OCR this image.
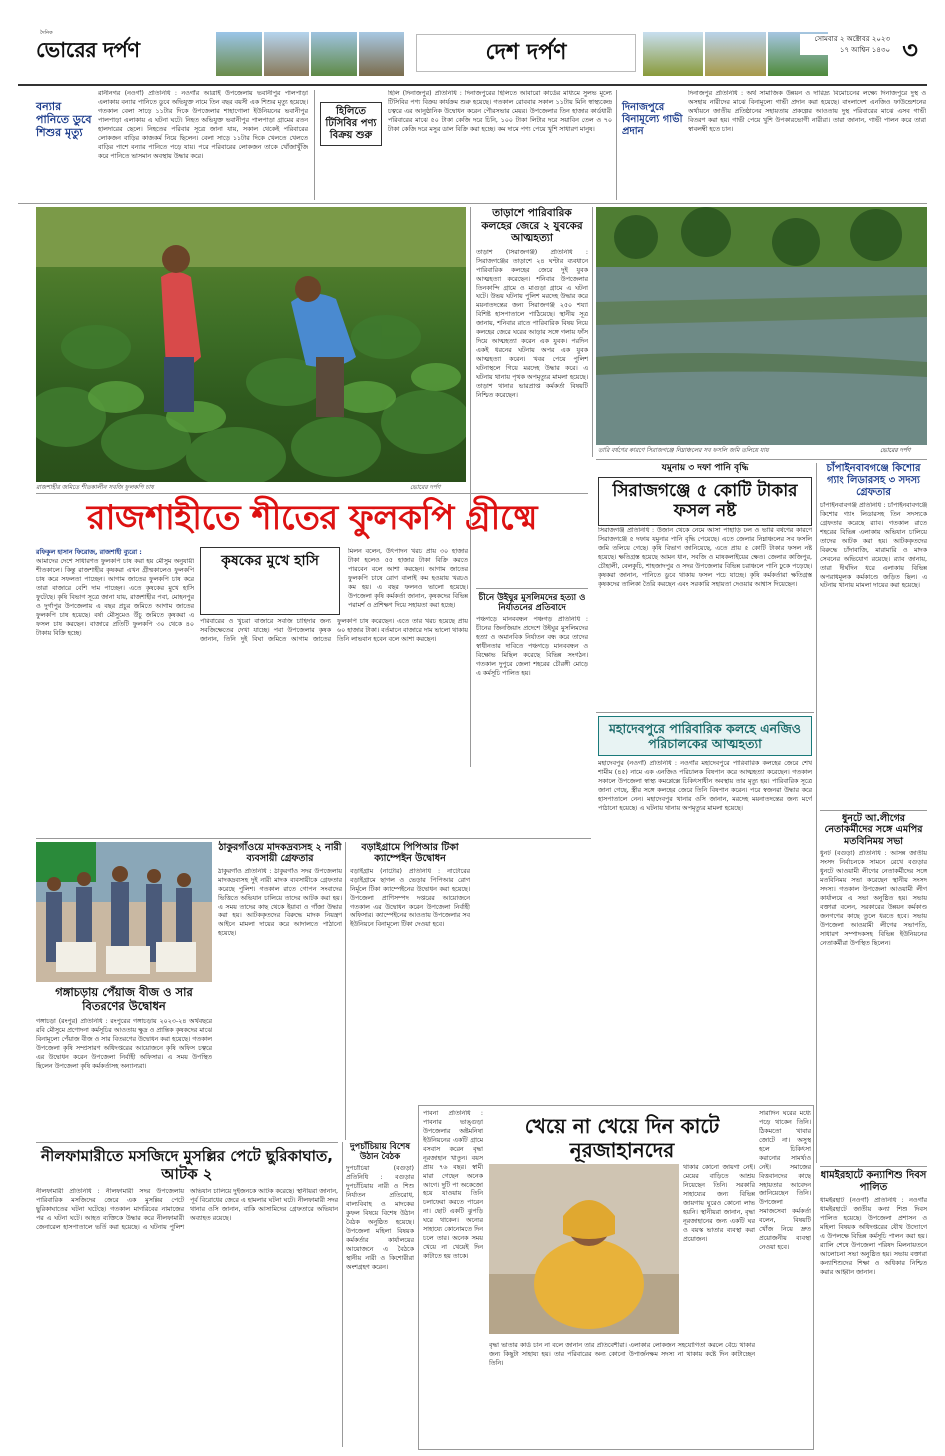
দৈনিক
ভোরের দর্পণ	দেশ দর্পণ
সোমবার ২ অক্টোবর ২০২৩
১৭ আশ্বিন ১৪৩০ ৩
বন্যার পানিতে ডুবে শিশুর মৃত্যু
রানীনগর (নওগাঁ) প্রতিনিধি : নওগাঁর আত্রাই উপজেলায় ভবানীপুর পালপাড়া এলাকায় বন্যার পানিতে ডুবে অভিযুক্ত নামে তিন বছর বয়সী এক শিশুর মৃত্যু হয়েছে। গতকাল বেলা সাড়ে ১১টার দিকে উপজেলার শাহাগোলা ইউনিয়নের ভবানীপুর পালপাড়া এলাকায় এ ঘটনা ঘটে। নিহত অভিযুক্ত ভবানীপুর পালপাড়া গ্রামের রতন হালদারের ছেলে। নিহতের পরিবার সূত্রে জানা যায়, সকাল থেকেই পরিবারের লোকজন বাড়ির কাজকর্ম নিয়ে ছিলেন। বেলা সাড়ে ১১টার দিকে খেলতে খেলতে বাড়ির পাশে বন্যার পানিতে পড়ে যায়। পরে পরিবারের লোকজন তাকে খোঁজাখুঁজি করে পানিতে ভাসমান অবস্থায় উদ্ধার করে।
হিলিতে টিসিবির পণ্য বিক্রয় শুরু
হিলি (দিনাজপুর) প্রতিনিধি : দিনাজপুরের হিলিতে আবারো কার্ডের মাধ্যমে সুলভ মূল্যে টিসিবির পণ্য বিক্রয় কার্যক্রম শুরু হয়েছে। গতকাল রোববার সকাল ১১টায় মিনি স্বাস্থ্যকেন্দ্র চত্বরে এর আনুষ্ঠানিক উদ্বোধন করেন পৌরসভার মেয়র। উপজেলার তিন হাজার কার্ডধারী পরিবারের মাঝে ৫০ টাকা কেজি দরে চিনি, ১০০ টাকা লিটার দরে সয়াবিন তেল ও ৭০ টাকা কেজি দরে মসুর ডাল বিক্রি করা হচ্ছে। কম দামে পণ্য পেয়ে খুশি সাধারণ মানুষ।
দিনাজপুরে বিনামূল্যে গাভী প্রদান
দিনাজপুর প্রতিনিধি : অর্থ সামাজিক উন্নয়ন ও দারিদ্র্য বিমোচনের লক্ষ্যে দিনাজপুরে দুস্থ ও অসহায় নারীদের মাঝে বিনামূল্যে গাভী প্রদান করা হয়েছে। বাংলাদেশ এনজিও ফাউন্ডেশনের অর্থায়নে জাতীয় প্রতিষ্ঠানের সহায়তায় প্রকল্পের আওতায় দুস্থ পরিবারের মাঝে এসব গাভী বিতরণ করা হয়। গাভী পেয়ে খুশি উপকারভোগী নারীরা। তারা জানান, গাভী পালন করে তারা স্বাবলম্বী হতে চান।
রাজশাহীর জমিতে শীতকালীন সবজি ফুলকপি চাষ	ভোরের দর্পণ
তাড়াশে পারিবারিক কলহের জেরে ২ যুবকের আত্মহত্যা
তাড়াশ (সিরাজগঞ্জ) প্রতিনিধি : সিরাজগঞ্জের তাড়াশে ২৪ ঘণ্টার ব্যবধানে পারিবারিক কলহের জেরে দুই যুবক আত্মহত্যা করেছেন। শনিবার উপজেলার তিনকান্দি গ্রামে ও মাগুড়া গ্রামে এ ঘটনা ঘটে। উভয় ঘটনায় পুলিশ মরদেহ উদ্ধার করে ময়নাতদন্তের জন্য সিরাজগঞ্জ ২৫০ শয্যা বিশিষ্ট হাসপাতালে পাঠিয়েছে। স্থানীয় সূত্র জানায়, শনিবার রাতে পারিবারিক বিষয় নিয়ে কলহের জেরে ঘরের আড়ার সঙ্গে গলায় ফাঁস দিয়ে আত্মহত্যা করেন এক যুবক। পরদিন একই ধরনের ঘটনায় অপর এক যুবক আত্মহত্যা করেন। খবর পেয়ে পুলিশ ঘটনাস্থলে গিয়ে মরদেহ উদ্ধার করে। এ ঘটনায় থানায় পৃথক অপমৃত্যুর মামলা হয়েছে। তাড়াশ থানার ভারপ্রাপ্ত কর্মকর্তা বিষয়টি নিশ্চিত করেছেন।
চীনে উইঘুর মুসলিমদের হত্যা ও নির্যাতনের প্রতিবাদে
পঞ্চগড়ে মানববন্ধন পঞ্চগড় প্রতিনিধি : চীনের জিনজিয়াং প্রদেশে উইঘুর মুসলিমদের হত্যা ও অমানবিক নির্যাতন বন্ধ করে তাদের স্বাধীনতার দাবিতে পঞ্চগড়ে মানববন্ধন ও বিক্ষোভ মিছিল করেছে বিভিন্ন সংগঠন। গতকাল দুপুরে জেলা শহরের চৌরঙ্গী মোড়ে এ কর্মসূচি পালিত হয়।
তারি বর্ষণের কারণে সিরাজগঞ্জে নিম্নাঞ্চলের সব ফসলি জমি তলিয়ে যায়
যমুনায় ৩ দফা পানি বৃদ্ধি
সিরাজগঞ্জে ৫ কোটি টাকার ফসল নষ্ট
সিরাজগঞ্জ প্রতিনিধি : উজান থেকে নেমে আসা পাহাড়ি ঢল ও ভারি বর্ষণের কারণে সিরাজগঞ্জে ৫ দফায় যমুনার পানি বৃদ্ধি পেয়েছে। এতে জেলার নিম্নাঞ্চলের সব ফসলি জমি তলিয়ে গেছে। কৃষি বিভাগ জানিয়েছে, এতে প্রায় ৫ কোটি টাকার ফসল নষ্ট হয়েছে। ক্ষতিগ্রস্ত হয়েছে আমন ধান, সবজি ও মাষকলাইয়ের ক্ষেত। জেলার কাজিপুর, চৌহালী, বেলকুচি, শাহজাদপুর ও সদর উপজেলার বিভিন্ন চরাঞ্চলে পানি ঢুকে পড়েছে। কৃষকরা জানান, পানিতে ডুবে থাকায় ফসল পচে যাচ্ছে। কৃষি কর্মকর্তারা ক্ষতিগ্রস্ত কৃষকদের তালিকা তৈরি করছেন এবং সরকারি সহায়তা দেওয়ার আশ্বাস দিয়েছেন।
ভোরের দর্পণ
চাঁপাইনবাবগঞ্জে কিশোর গ্যাং লিডারসহ ৩ সদস্য গ্রেফতার
চাঁপাইনবাবগঞ্জ প্রতিনিধি : চাঁপাইনবাবগঞ্জে কিশোর গ্যাং লিডারসহ তিন সদস্যকে গ্রেফতার করেছে র‌্যাব। গতকাল রাতে শহরের বিভিন্ন এলাকায় অভিযান চালিয়ে তাদের আটক করা হয়। আটককৃতদের বিরুদ্ধে চাঁদাবাজি, মারামারি ও মাদক সেবনের অভিযোগ রয়েছে। র‌্যাব জানায়, তারা দীর্ঘদিন ধরে এলাকায় বিভিন্ন অপরাধমূলক কর্মকাণ্ডে জড়িত ছিল। এ ঘটনায় থানায় মামলা দায়ের করা হয়েছে।
ধুনটে আ.লীগের নেতাকর্মীদের সঙ্গে এমপির মতবিনিময় সভা
ধুনট (বগুড়া) প্রতিনিধি : আসন্ন জাতীয় সংসদ নির্বাচনকে সামনে রেখে বগুড়ার ধুনটে আওয়ামী লীগের নেতাকর্মীদের সঙ্গে মতবিনিময় সভা করেছেন স্থানীয় সংসদ সদস্য। গতকাল উপজেলা আওয়ামী লীগ কার্যালয়ে এ সভা অনুষ্ঠিত হয়। সভায় বক্তারা বলেন, সরকারের উন্নয়ন কর্মকাণ্ড জনগণের কাছে তুলে ধরতে হবে। সভায় উপজেলা আওয়ামী লীগের সভাপতি, সাধারণ সম্পাদকসহ বিভিন্ন ইউনিয়নের নেতাকর্মীরা উপস্থিত ছিলেন।
রাজশাহীতে শীতের ফুলকপি গ্রীষ্মে
কৃষকের মুখে হাসি
রফিকুল হাসান ফিরোজ, রাজশাহী ব্যুরো :
আমাদের দেশে সাধারণত ফুলকপি চাষ করা হয় মৌসুম অনুযায়ী শীতকালে। কিন্তু রাজশাহীর কৃষকরা এখন গ্রীষ্মকালেও ফুলকপি চাষ করে সফলতা পাচ্ছেন। আগাম জাতের ফুলকপি চাষ করে তারা বাজারে বেশি দাম পাচ্ছেন। এতে কৃষকের মুখে হাসি ফুটেছে। কৃষি বিভাগ সূত্রে জানা যায়, রাজশাহীর পবা, মোহনপুর ও দুর্গাপুর উপজেলায় এ বছর প্রচুর জমিতে আগাম জাতের ফুলকপি চাষ হয়েছে। বর্ষা মৌসুমেও উঁচু জমিতে কৃষকরা এ ফসল চাষ করছেন। বাজারে প্রতিটি ফুলকপি ৩০ থেকে ৪০ টাকায় বিক্রি হচ্ছে।
মিলন বলেন, উৎপাদন খরচ প্রায় ৩০ হাজার টাকা হলেও ৫৫ হাজার টাকা বিক্রি করতে পারবেন বলে আশা করছেন। আগাম জাতের ফুলকপি চাষে রোগ বালাই কম হওয়ায় খরচও কম হয়। এ বছর ফলনও ভালো হয়েছে। উপজেলা কৃষি কর্মকর্তা জানান, কৃষকদের বিভিন্ন পরামর্শ ও প্রশিক্ষণ দিয়ে সহায়তা করা হচ্ছে।
পরিবারের ও খুচরা বাজারে সবজি চাহিদার জন্য সবজিক্ষেতের দেখা যাচ্ছে। পবা উপজেলার কৃষক জানান, তিনি দুই বিঘা জমিতে আগাম জাতের ফুলকপি চাষ করেছেন। এতে তার খরচ হয়েছে প্রায় ৬০ হাজার টাকা। বর্তমানে বাজারে দাম ভালো থাকায় তিনি লাভবান হবেন বলে আশা করছেন।
মহাদেবপুরে পারিবারিক কলহে এনজিও পরিচালকের আত্মহত্যা
মহাদেবপুর (নওগাঁ) প্রতিনিধি : নওগাঁর মহাদেবপুরে পারিবারিক কলহের জেরে শেখ শামীম (৪৫) নামে এক এনজিও পরিচালক বিষপান করে আত্মহত্যা করেছেন। গতকাল সকালে উপজেলা স্বাস্থ্য কমপ্লেক্সে চিকিৎসাধীন অবস্থায় তার মৃত্যু হয়। পারিবারিক সূত্রে জানা গেছে, স্ত্রীর সঙ্গে কলহের জেরে তিনি বিষপান করেন। পরে স্বজনরা উদ্ধার করে হাসপাতালে নেন। মহাদেবপুর থানার ওসি জানান, মরদেহ ময়নাতদন্তের জন্য মর্গে পাঠানো হয়েছে। এ ঘটনায় থানায় অপমৃত্যুর মামলা হয়েছে।
ঠাকুরগাঁওয়ে মাদকদ্রব্যসহ ২ নারী ব্যবসায়ী গ্রেফতার
ঠাকুরগাঁও প্রতিনিধি : ঠাকুরগাঁও সদর উপজেলায় মাদকদ্রব্যসহ দুই নারী মাদক ব্যবসায়ীকে গ্রেফতার করেছে পুলিশ। গতকাল রাতে গোপন সংবাদের ভিত্তিতে অভিযান চালিয়ে তাদের আটক করা হয়। এ সময় তাদের কাছ থেকে ইয়াবা ও গাঁজা উদ্ধার করা হয়। আটককৃতদের বিরুদ্ধে মাদক নিয়ন্ত্রণ আইনে মামলা দায়ের করে আদালতে পাঠানো হয়েছে।
বড়াইগ্রামে পিপিআর টিকা ক্যাম্পেইন উদ্বোধন
বড়াইগ্রাম (নাটোর) প্রতিনিধি : নাটোরের বড়াইগ্রামে ছাগল ও ভেড়ার পিপিআর রোগ নির্মূলে টিকা ক্যাম্পেইনের উদ্বোধন করা হয়েছে। উপজেলা প্রাণিসম্পদ দপ্তরের আয়োজনে গতকাল এর উদ্বোধন করেন উপজেলা নির্বাহী অফিসার। ক্যাম্পেইনের আওতায় উপজেলার সব ইউনিয়নে বিনামূল্যে টিকা দেওয়া হবে।
গঙ্গাচড়ায় পেঁয়াজ বীজ ও সার বিতরণের উদ্বোধন
গঙ্গাচড়া (রংপুর) প্রতিনিধি : রংপুরের গঙ্গাচড়ায় ২০২৩-২৪ অর্থবছরে রবি মৌসুমে প্রণোদনা কর্মসূচির আওতায় ক্ষুদ্র ও প্রান্তিক কৃষকদের মাঝে বিনামূল্যে পেঁয়াজ বীজ ও সার বিতরণের উদ্বোধন করা হয়েছে। গতকাল উপজেলা কৃষি সম্প্রসারণ অধিদপ্তরের আয়োজনে কৃষি অফিস চত্বরে এর উদ্বোধন করেন উপজেলা নির্বাহী অফিসার। এ সময় উপস্থিত ছিলেন উপজেলা কৃষি কর্মকর্তাসহ অন্যান্যরা।
নীলফামারীতে মসজিদে মুসল্লির পেটে ছুরিকাঘাত, আটক ২
নীলফামারী প্রতিনিধি : নীলফামারী সদর উপজেলায় পারিবারিক মসজিদের জেরে এক মুসল্লির পেটে ছুরিকাঘাতের ঘটনা ঘটেছে। গতকাল মাগরিবের নামাজের পর এ ঘটনা ঘটে। আহত ব্যক্তিকে উদ্ধার করে নীলফামারী জেনারেল হাসপাতালে ভর্তি করা হয়েছে। এ ঘটনায় পুলিশ অভিযান চালিয়ে দুইজনকে আটক করেছে। স্থানীয়রা জানান, পূর্ব বিরোধের জেরে এ হামলার ঘটনা ঘটে। নীলফামারী সদর থানার ওসি জানান, বাকি আসামিদের গ্রেফতারে অভিযান অব্যাহত রয়েছে।
দুপচাঁচিয়ায় বিশেষ উঠান বৈঠক
দুপচাঁচিয়া (বগুড়া) প্রতিনিধি : বগুড়ার দুপচাঁচিয়ায় নারী ও শিশু নির্যাতন প্রতিরোধ, বাল্যবিবাহ ও মাদকের কুফল বিষয়ে বিশেষ উঠান বৈঠক অনুষ্ঠিত হয়েছে। উপজেলা মহিলা বিষয়ক কর্মকর্তার কার্যালয়ের আয়োজনে এ বৈঠকে স্থানীয় নারী ও কিশোরীরা অংশগ্রহণ করেন।
পাবনা প্রতিনিধি : পাবনার ভাঙ্গুড়া উপজেলার অষ্টমনিষা ইউনিয়নের একটি গ্রামে বসবাস করেন বৃদ্ধা নূরজাহান খাতুন। বয়স প্রায় ৭৬ বছর। স্বামী মারা গেছেন অনেক আগে। দুটি পা অকেজো হয়ে যাওয়ায় তিনি চলাফেরা করতে পারেন না। ছোট একটি ঝুপড়ি ঘরে থাকেন। অন্যের সাহায্যে কোনোমতে দিন চলে তার। অনেক সময় খেয়ে না খেয়েই দিন কাটাতে হয় তাকে।
খেয়ে না খেয়ে দিন কাটে নূরজাহানদের
থাকার কোনো জায়গা নেই। মেয়ের বাড়িতে আশ্রয় নিয়েছেন তিনি। সরকারি সাহায্যের জন্য বিভিন্ন জায়গায় ঘুরেও কোনো লাভ হয়নি। স্থানীয়রা জানান, বৃদ্ধা নূরজাহানের জন্য একটি ঘর ও বয়স্ক ভাতার ব্যবস্থা করা প্রয়োজন।
সারাদিন ঘরের মধ্যে পড়ে থাকেন তিনি। ঠিকমতো খাবার জোটে না। অসুস্থ হলে চিকিৎসা করানোর সামর্থ্যও নেই। সমাজের বিত্তবানদের কাছে সহায়তার আবেদন জানিয়েছেন তিনি। উপজেলা সমাজসেবা কর্মকর্তা বলেন, বিষয়টি খোঁজ নিয়ে দ্রুত প্রয়োজনীয় ব্যবস্থা নেওয়া হবে।
বৃদ্ধা ভাতার কার্ড চান না বলে জানান তার প্রতিবেশীরা। এলাকার লোকজন সহযোগিতা করলে বেঁচে থাকার জন্য কিছুটা সাহায্য হয়। তার পরিবারের অন্য কোনো উপার্জনক্ষম সদস্য না থাকায় কষ্টে দিন কাটাচ্ছেন তিনি।
ধামইরহাটে কন্যাশিশু দিবস পালিত
ধামইরহাট (নওগাঁ) প্রতিনিধি : নওগাঁর ধামইরহাটে জাতীয় কন্যা শিশু দিবস পালিত হয়েছে। উপজেলা প্রশাসন ও মহিলা বিষয়ক অধিদপ্তরের যৌথ উদ্যোগে এ উপলক্ষে বিভিন্ন কর্মসূচি পালন করা হয়। র‌্যালি শেষে উপজেলা পরিষদ মিলনায়তনে আলোচনা সভা অনুষ্ঠিত হয়। সভায় বক্তারা কন্যাশিশুদের শিক্ষা ও অধিকার নিশ্চিত করার আহ্বান জানান।
